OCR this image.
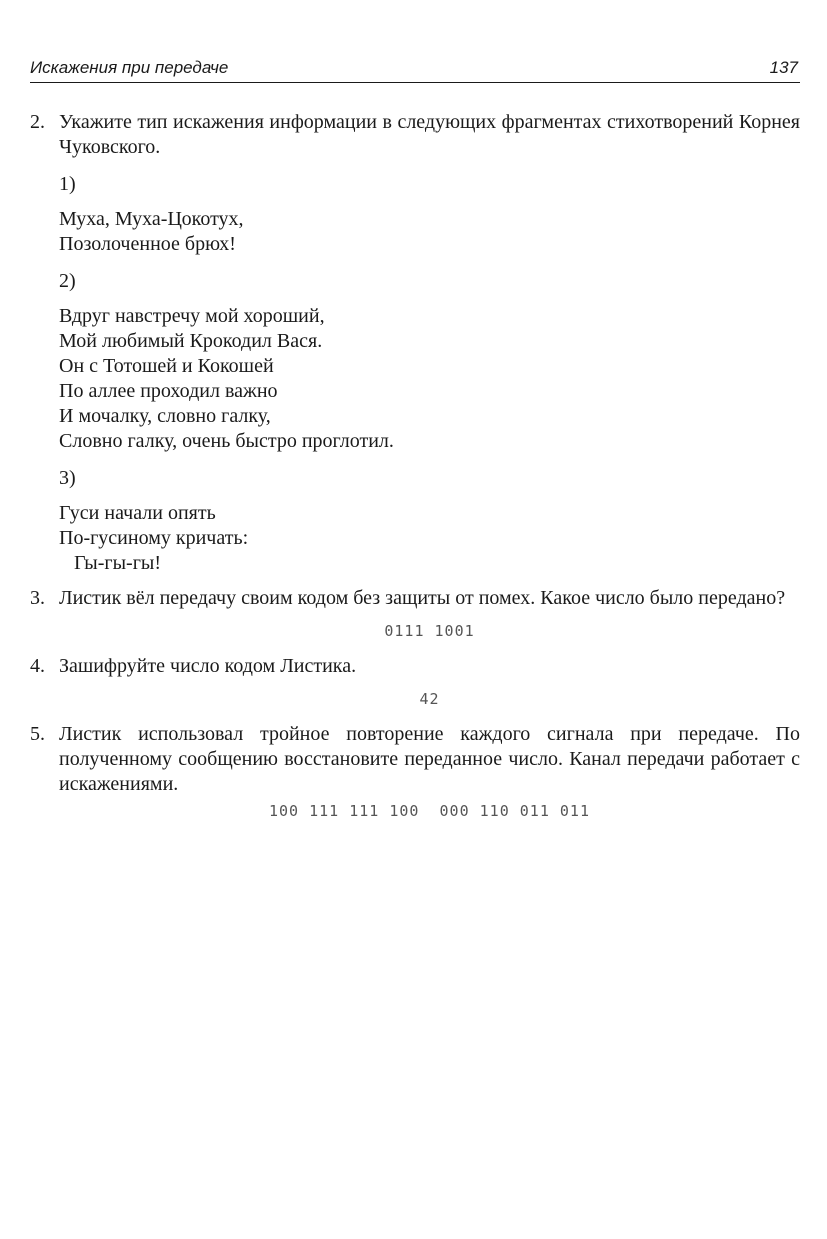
Искажения при передаче	137
2. Укажите тип искажения информации в следующих фрагментах стихотворений Корнея Чуковского.
1)
Муха, Муха-Цокотух,
Позолоченное брюх!
2)
Вдруг навстречу мой хороший,
Мой любимый Крокодил Вася.
Он с Тотошей и Кокошей
По аллее проходил важно
И мочалку, словно галку,
Словно галку, очень быстро проглотил.
3)
Гуси начали опять
По-гусиному кричать:
Гы-гы-гы!
3. Листик вёл передачу своим кодом без защиты от помех. Какое число было передано?
0111 1001
4. Зашифруйте число кодом Листика.
42
5. Листик использовал тройное повторение каждого сигнала при передаче. По полученному сообщению восстановите переданное число. Канал передачи работает с искажениями.
100 111 111 100  000 110 011 011
